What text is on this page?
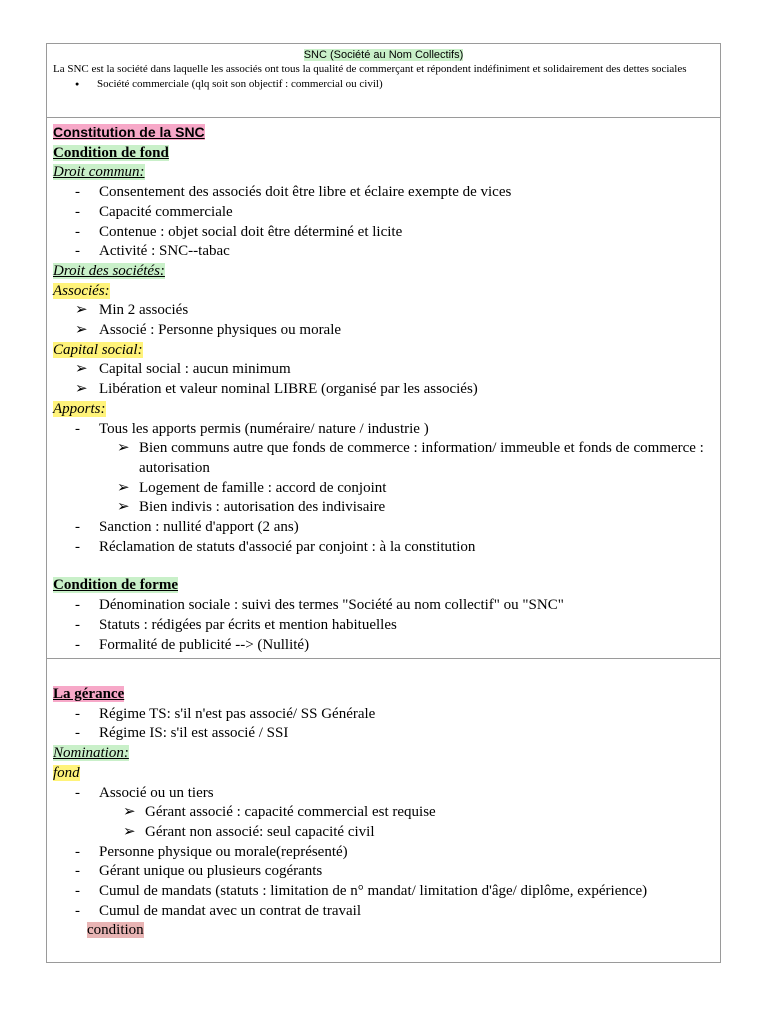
SNC (Société au Nom Collectifs)

La SNC est la société dans laquelle les associés ont tous la qualité de commerçant et répondent indéfiniment et solidairement des dettes sociales

● Société commerciale (qlq soit son objectif : commercial ou civil)
Constitution de la SNC
Condition de fond
Droit commun:
-	Consentement des associés doit être libre et éclaire exempte de vices
-	Capacité commerciale
-	Contenue : objet social doit être déterminé et licite
-	Activité : SNC--tabac
Droit des sociétés:
Associés:
➢ Min 2 associés
➢ Associé : Personne physiques ou morale
Capital social:
➢ Capital social : aucun minimum
➢ Libération et valeur nominal LIBRE (organisé par les associés)
Apports:
-	Tous les apports permis (numéraire/ nature / industrie )
➢ Bien communs autre que fonds de commerce : information/ immeuble et fonds de commerce : autorisation
➢ Logement de famille : accord de conjoint
➢ Bien indivis : autorisation des indivisaire
-	Sanction : nullité d'apport (2 ans)
-	Réclamation de statuts d'associé par conjoint : à la constitution
Condition de forme
-	Dénomination sociale : suivi des termes "Société au nom collectif" ou "SNC"
-	Statuts : rédigées par écrits et mention habituelles
-	Formalité de publicité --> (Nullité)
La gérance
-	Régime TS: s'il n'est pas associé/ SS Générale
-	Régime IS: s'il est associé / SSI
Nomination:
fond
-	Associé ou un tiers
➢ Gérant associé : capacité commercial est requise
➢ Gérant non associé: seul capacité civil
-	Personne physique ou morale(représenté)
-	Gérant unique ou plusieurs cogérants
-	Cumul de mandats (statuts : limitation de n° mandat/ limitation d'âge/ diplôme, expérience)
-	Cumul de mandat avec un contrat de travail
condition
